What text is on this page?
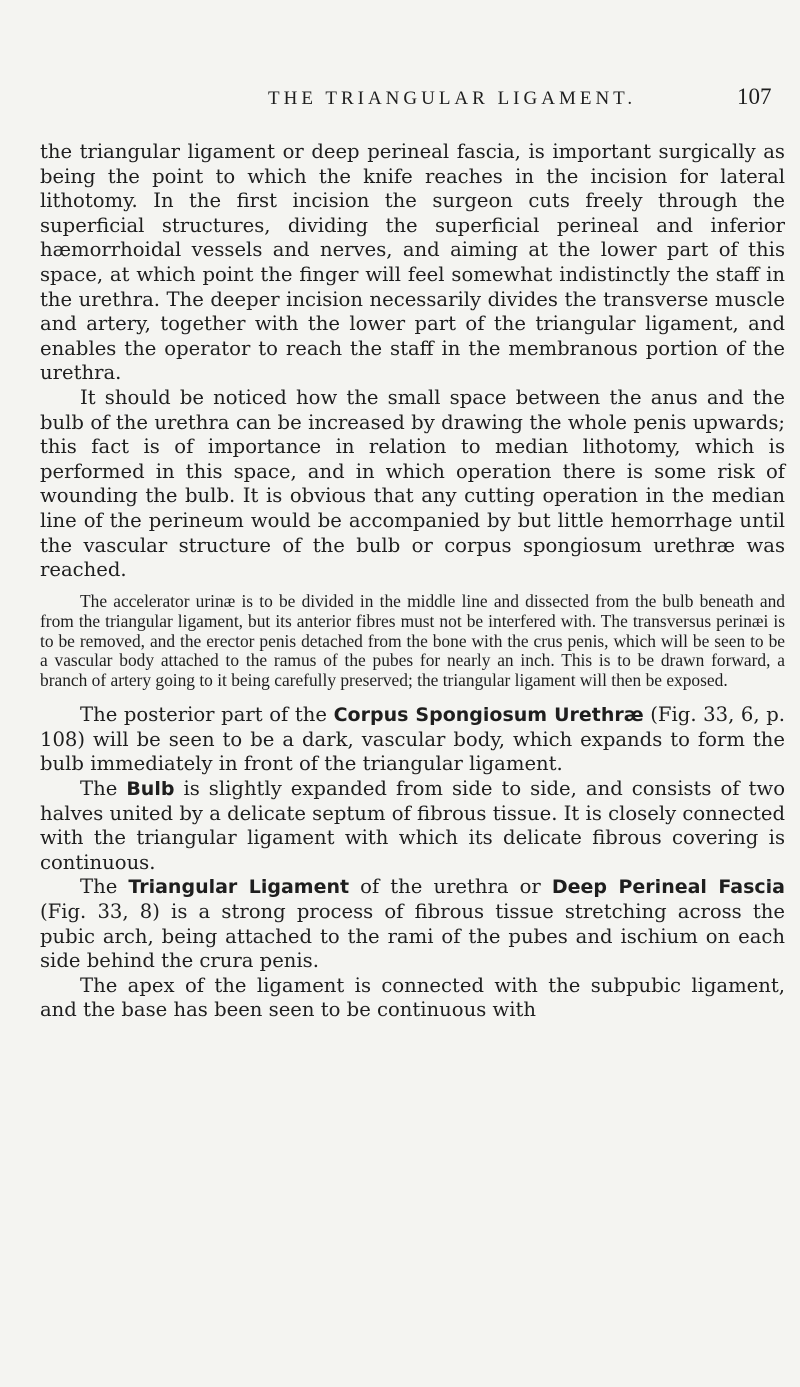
THE TRIANGULAR LIGAMENT.	107

the triangular ligament or deep perineal fascia, is important surgically as being the point to which the knife reaches in the incision for lateral lithotomy. In the first incision the surgeon cuts freely through the superficial structures, dividing the superficial perineal and inferior hæmorrhoidal vessels and nerves, and aiming at the lower part of this space, at which point the finger will feel somewhat indistinctly the staff in the urethra. The deeper incision necessarily divides the transverse muscle and artery, together with the lower part of the triangular ligament, and enables the operator to reach the staff in the membranous portion of the urethra.

It should be noticed how the small space between the anus and the bulb of the urethra can be increased by drawing the whole penis upwards; this fact is of importance in relation to median lithotomy, which is performed in this space, and in which operation there is some risk of wounding the bulb. It is obvious that any cutting operation in the median line of the perineum would be accompanied by but little hemorrhage until the vascular structure of the bulb or corpus spongiosum urethræ was reached.

The accelerator urinæ is to be divided in the middle line and dissected from the bulb beneath and from the triangular ligament, but its anterior fibres must not be interfered with. The transversus perinæi is to be removed, and the erector penis detached from the bone with the crus penis, which will be seen to be a vascular body attached to the ramus of the pubes for nearly an inch. This is to be drawn forward, a branch of artery going to it being carefully preserved; the triangular ligament will then be exposed.

The posterior part of the Corpus Spongiosum Urethræ (Fig. 33, 6, p. 108) will be seen to be a dark, vascular body, which expands to form the bulb immediately in front of the triangular ligament.

The Bulb is slightly expanded from side to side, and consists of two halves united by a delicate septum of fibrous tissue. It is closely connected with the triangular ligament with which its delicate fibrous covering is continuous.

The Triangular Ligament of the urethra or Deep Perineal Fascia (Fig. 33, 8) is a strong process of fibrous tissue stretching across the pubic arch, being attached to the rami of the pubes and ischium on each side behind the crura penis.

The apex of the ligament is connected with the subpubic ligament, and the base has been seen to be continuous with
